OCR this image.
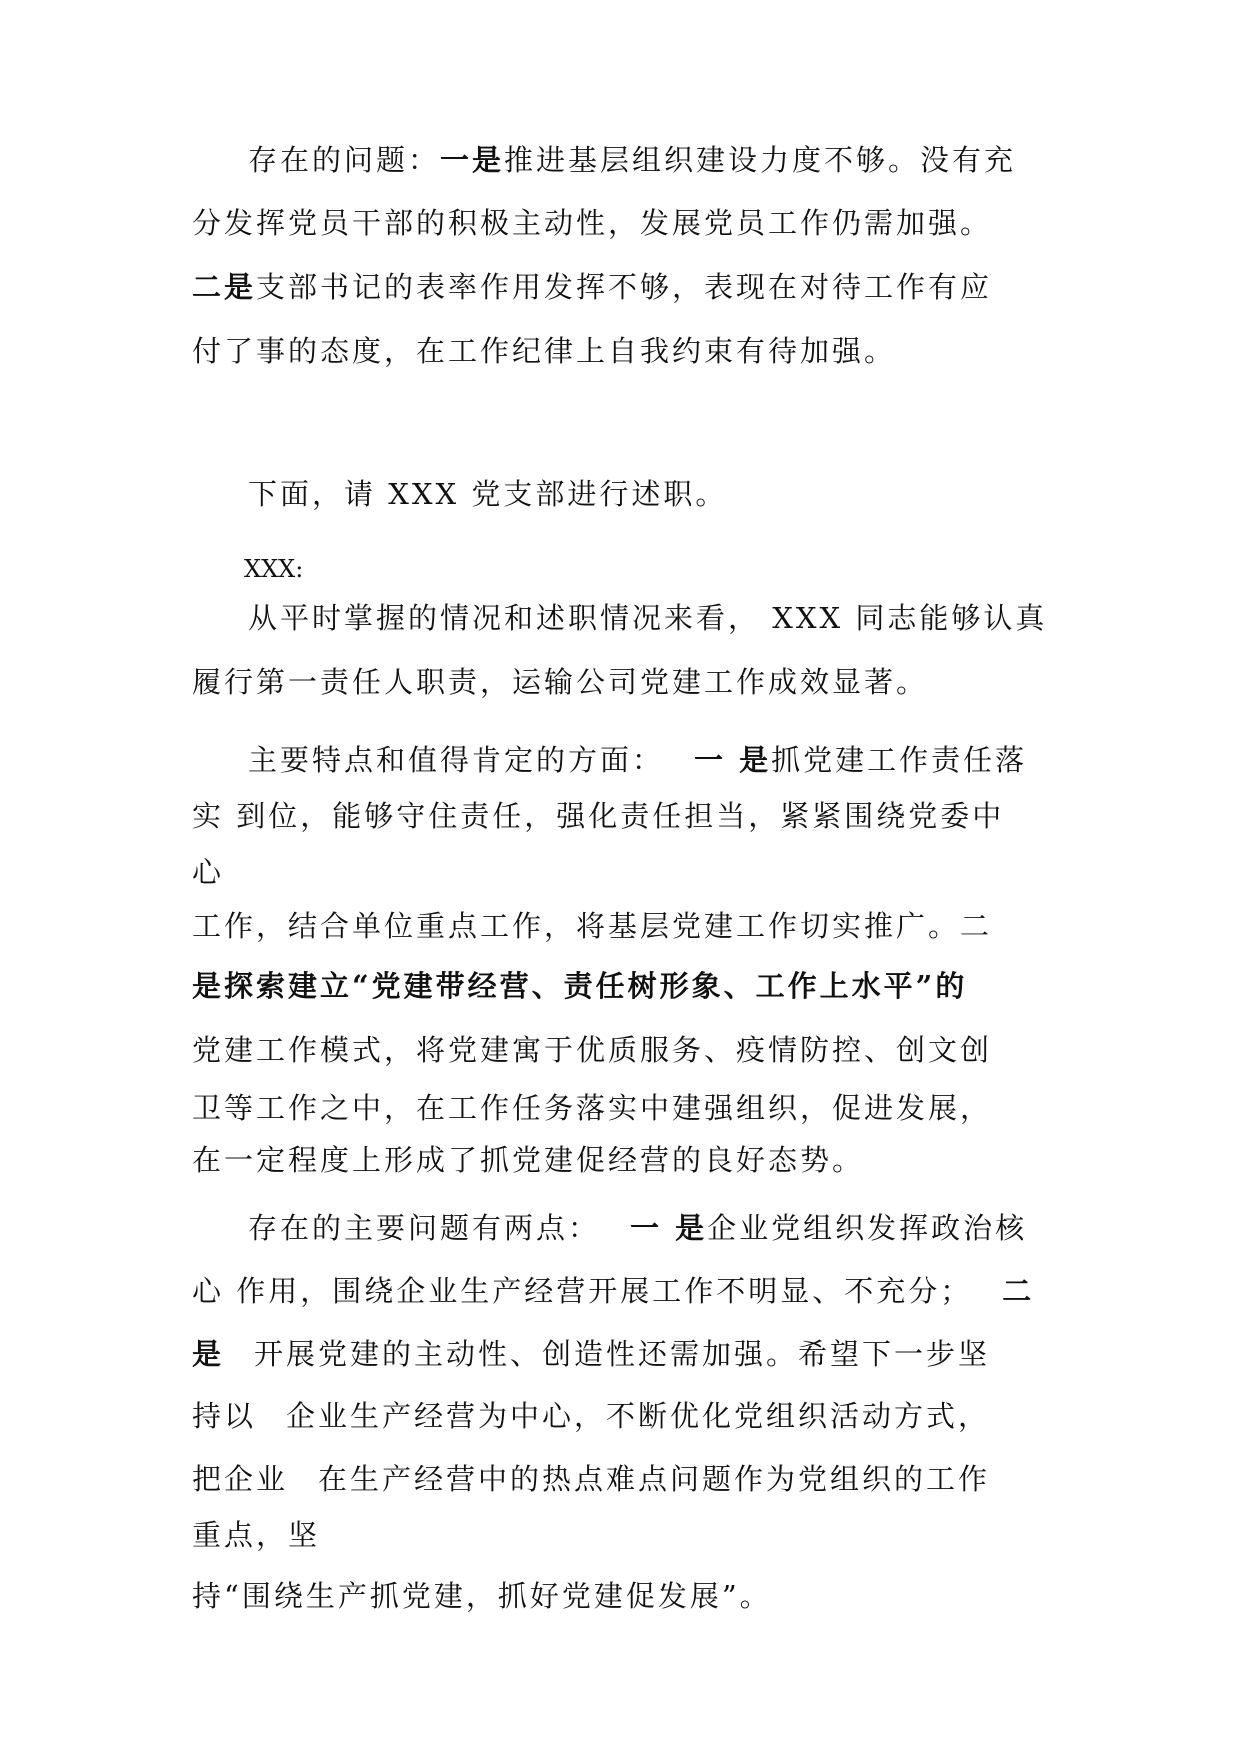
存在的问题：一是推进基层组织建设力度不够。没有充

分发挥党员干部的积极主动性，发展党员工作仍需加强。

二是支部书记的表率作用发挥不够，表现在对待工作有应

付了事的态度，在工作纪律上自我约束有待加强。

下面，请 XXX 党支部进行述职。

XXX:

从平时掌握的情况和述职情况来看， XXX 同志能够认真

履行第一责任人职责，运输公司党建工作成效显著。

主要特点和值得肯定的方面： 一 是抓党建工作责任落

实 到位，能够守住责任，强化责任担当，紧紧围绕党委中

心

工作，结合单位重点工作，将基层党建工作切实推广。二

是探索建立“党建带经营、责任树形象、工作上水平”的

党建工作模式，将党建寓于优质服务、疫情防控、创文创

卫等工作之中，在工作任务落实中建强组织，促进发展，

在一定程度上形成了抓党建促经营的良好态势。

存在的主要问题有两点： 一 是企业党组织发挥政治核

心 作用，围绕企业生产经营开展工作不明显、不充分； 二

是 开展党建的主动性、创造性还需加强。希望下一步坚

持以 企业生产经营为中心，不断优化党组织活动方式，

把企业 在生产经营中的热点难点问题作为党组织的工作

重点，坚

持“围绕生产抓党建，抓好党建促发展”。
